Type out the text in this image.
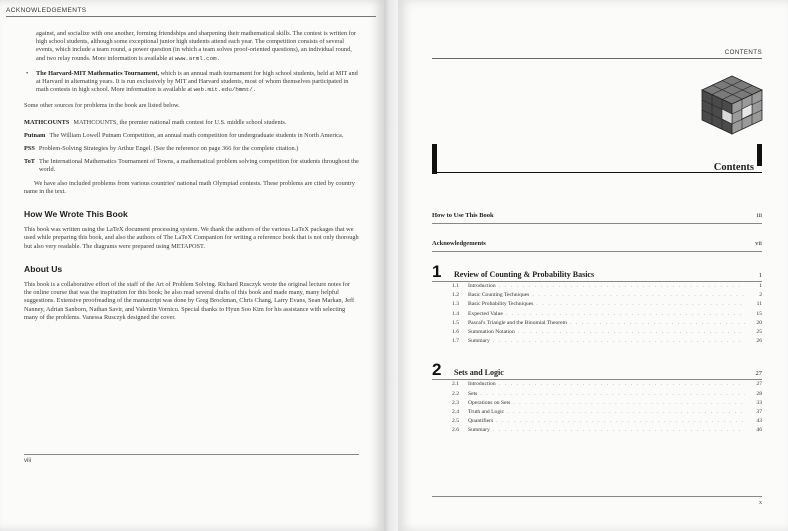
ACKNOWLEDGEMENTS
against, and socialize with one another, forming friendships and sharpening their mathematical skills. The contest is written for high school students, although some exceptional junior high students attend each year. The competition consists of several events, which include a team round, a power question (in which a team solves proof-oriented questions), an individual round, and two relay rounds. More information is available at www.arml.com.
• The Harvard-MIT Mathematics Tournament, which is an annual math tournament for high school students, held at MIT and at Harvard in alternating years. It is run exclusively by MIT and Harvard students, most of whom themselves participated in math contests in high school. More information is available at web.mit.edu/hmmt/.
Some other sources for problems in the book are listed below.
MATHCOUNTS MATHCOUNTS, the premier national math contest for U.S. middle school students.
Putnam The William Lowell Putnam Competition, an annual math competition for undergraduate students in North America.
PSS Problem-Solving Strategies by Arthur Engel. (See the reference on page 366 for the complete citation.)
ToT The International Mathematics Tournament of Towns, a mathematical problem solving competition for students throughout the world.
We have also included problems from various countries' national math Olympiad contests. These problems are cited by country name in the text.
How We Wrote This Book
This book was written using the LaTeX document processing system. We thank the authors of the various LaTeX packages that we used while preparing this book, and also the authors of The LaTeX Companion for writing a reference book that is not only thorough but also very readable. The diagrams were prepared using METAPOST.
About Us
This book is a collaborative effort of the staff of the Art of Problem Solving. Richard Rusczyk wrote the original lecture notes for the online course that was the inspiration for this book; he also read several drafts of this book and made many, many helpful suggestions. Extensive proofreading of the manuscript was done by Greg Brockman, Chris Chang, Larry Evans, Sean Markan, Jeff Nanney, Adrian Sanborn, Nathan Savir, and Valentin Vornicu. Special thanks to Hyun Soo Kim for his assistance with selecting many of the problems. Vanessa Rusczyk designed the cover.
viii
CONTENTS
Contents
How to Use This Book	iii
Acknowledgements	vii
1	Review of Counting & Probability Basics	1
1.1	Introduction . . .	1
1.2	Basic Counting Techniques . . .	2
1.3	Basic Probability Techniques . . .	11
1.4	Expected Value . . .	15
1.5	Pascal's Triangle and the Binomial Theorem . . .	20
1.6	Summation Notation . . .	25
1.7	Summary . . .	26
2	Sets and Logic	27
2.1	Introduction . . .	27
2.2	Sets . . .	28
2.3	Operations on Sets . . .	33
2.4	Truth and Logic . . .	37
2.5	Quantifiers . . .	43
2.6	Summary . . .	46
x
